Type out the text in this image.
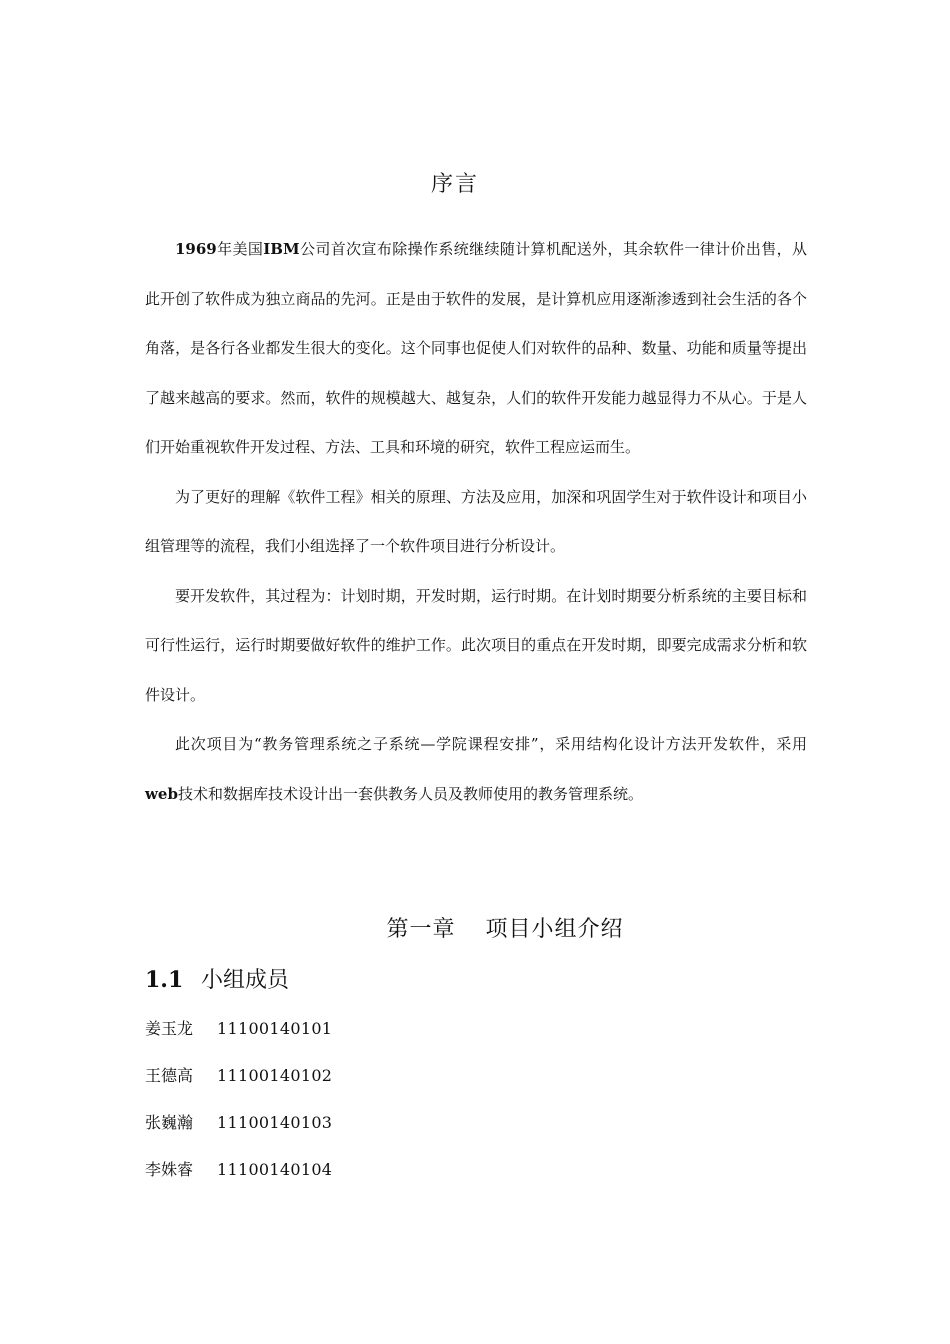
序言

1969年美国IBM公司首次宣布除操作系统继续随计算机配送外，其余软件一律计价出售，从此开创了软件成为独立商品的先河。正是由于软件的发展，是计算机应用逐渐渗透到社会生活的各个角落，是各行各业都发生很大的变化。这个同事也促使人们对软件的品种、数量、功能和质量等提出了越来越高的要求。然而，软件的规模越大、越复杂，人们的软件开发能力越显得力不从心。于是人们开始重视软件开发过程、方法、工具和环境的研究，软件工程应运而生。

为了更好的理解《软件工程》相关的原理、方法及应用，加深和巩固学生对于软件设计和项目小组管理等的流程，我们小组选择了一个软件项目进行分析设计。

要开发软件，其过程为：计划时期，开发时期，运行时期。在计划时期要分析系统的主要目标和可行性运行，运行时期要做好软件的维护工作。此次项目的重点在开发时期，即要完成需求分析和软件设计。

此次项目为“教务管理系统之子系统—学院课程安排”，采用结构化设计方法开发软件，采用web技术和数据库技术设计出一套供教务人员及教师使用的教务管理系统。

第一章 项目小组介绍
1.1 小组成员
姜玉龙 11100140101
王德高 11100140102
张巍瀚 11100140103
李姝睿 11100140104
